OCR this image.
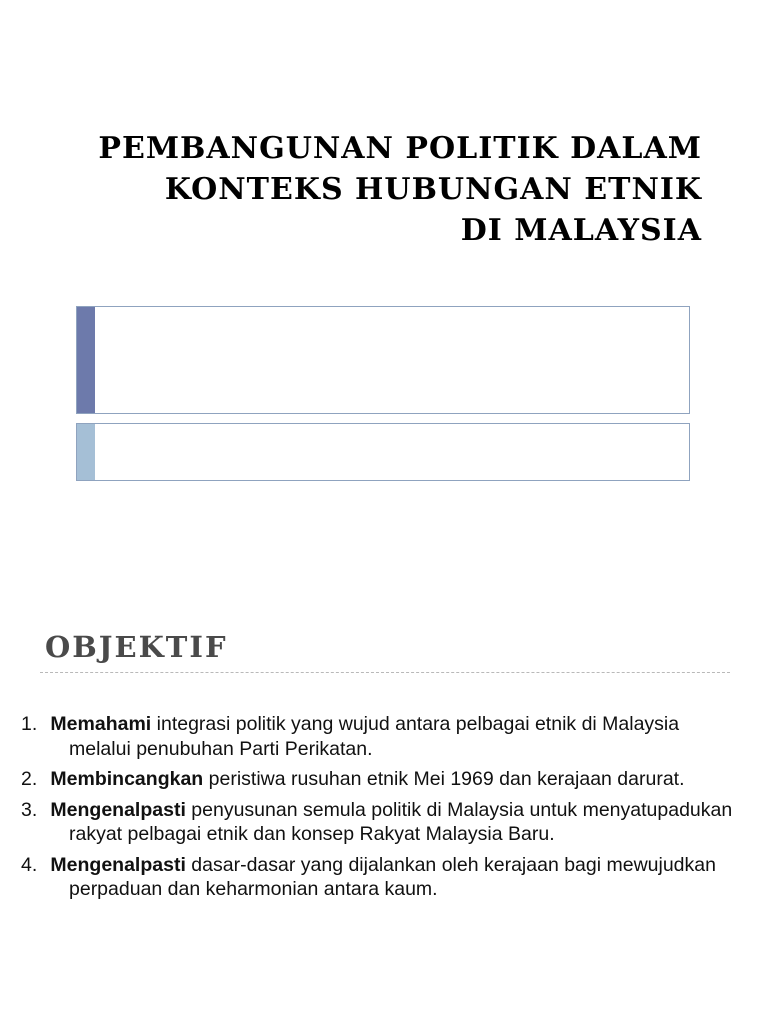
PEMBANGUNAN POLITIK DALAM
KONTEKS HUBUNGAN ETNIK
DI MALAYSIA
OBJEKTIF
1.  Memahami integrasi politik yang wujud antara pelbagai etnik di Malaysia melalui penubuhan Parti Perikatan.
2.  Membincangkan peristiwa rusuhan etnik Mei 1969 dan kerajaan darurat.
3.  Mengenalpasti penyusunan semula politik di Malaysia untuk menyatupadukan rakyat pelbagai etnik dan konsep Rakyat Malaysia Baru.
4.  Mengenalpasti dasar-dasar yang dijalankan oleh kerajaan bagi mewujudkan perpaduan dan keharmonian antara kaum.
